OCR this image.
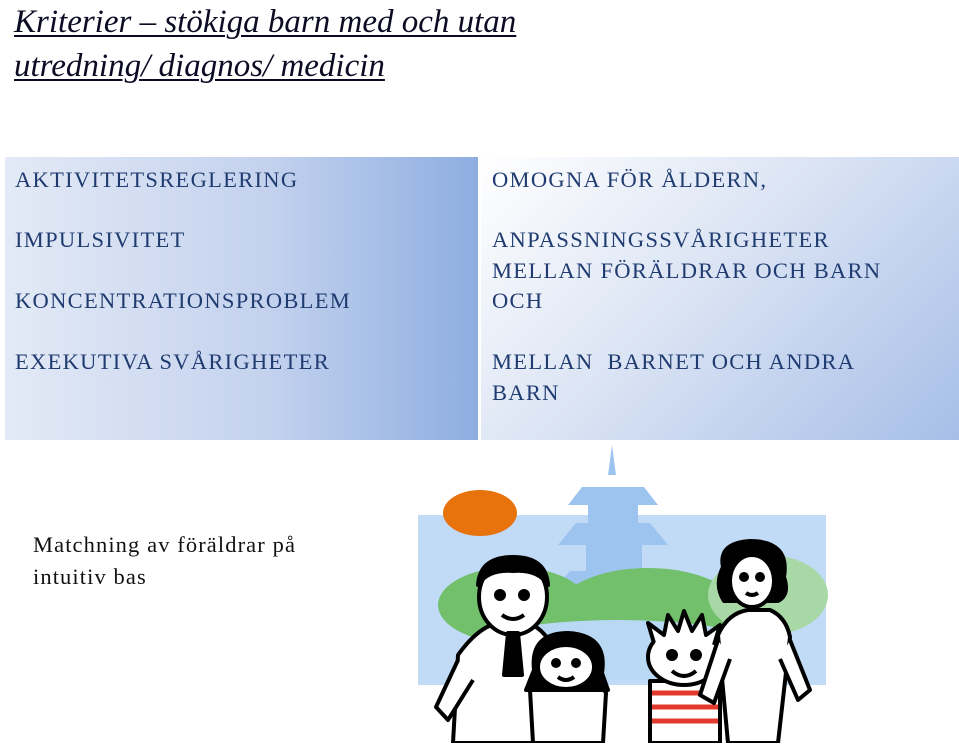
Kriterier – stökiga barn med och utan
utredning/ diagnos/ medicin
AKTIVITETSREGLERING
IMPULSIVITET
KONCENTRATIONSPROBLEM
EXEKUTIVA SVÅRIGHETER
OMOGNA FÖR ÅLDERN,
ANPASSNINGSSVÅRIGHETER
MELLAN FÖRÄLDRAR OCH BARN
OCH
MELLAN  BARNET OCH ANDRA
BARN
Matchning av föräldrar på
intuitiv bas
